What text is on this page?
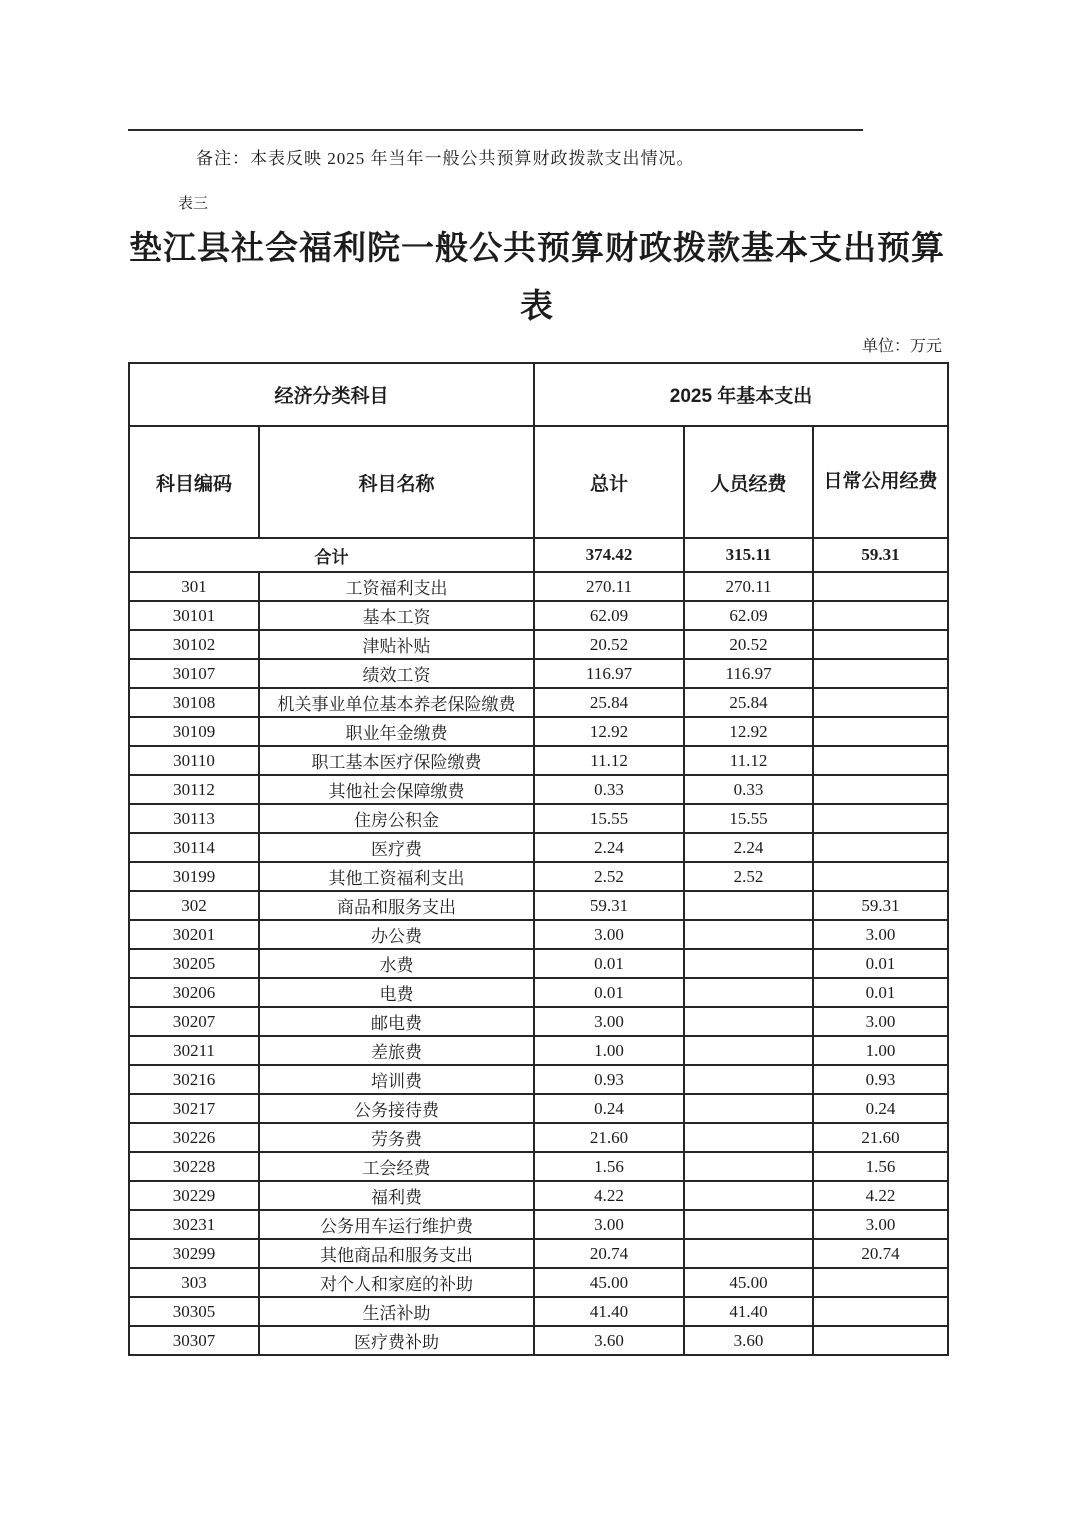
备注：本表反映 2025 年当年一般公共预算财政拨款支出情况。
表三
垫江县社会福利院一般公共预算财政拨款基本支出预算
表
单位：万元
经济分类科目		2025 年基本支出		
科目编码	科目名称	总计	人员经费	日常公用经费
合计		374.42	315.11	59.31
301	工资福利支出	270.11	270.11	
30101	基本工资	62.09	62.09	
30102	津贴补贴	20.52	20.52	
30107	绩效工资	116.97	116.97	
30108	机关事业单位基本养老保险缴费	25.84	25.84	
30109	职业年金缴费	12.92	12.92	
30110	职工基本医疗保险缴费	11.12	11.12	
30112	其他社会保障缴费	0.33	0.33	
30113	住房公积金	15.55	15.55	
30114	医疗费	2.24	2.24	
30199	其他工资福利支出	2.52	2.52	
302	商品和服务支出	59.31		59.31
30201	办公费	3.00		3.00
30205	水费	0.01		0.01
30206	电费	0.01		0.01
30207	邮电费	3.00		3.00
30211	差旅费	1.00		1.00
30216	培训费	0.93		0.93
30217	公务接待费	0.24		0.24
30226	劳务费	21.60		21.60
30228	工会经费	1.56		1.56
30229	福利费	4.22		4.22
30231	公务用车运行维护费	3.00		3.00
30299	其他商品和服务支出	20.74		20.74
303	对个人和家庭的补助	45.00	45.00	
30305	生活补助	41.40	41.40	
30307	医疗费补助	3.60	3.60	
